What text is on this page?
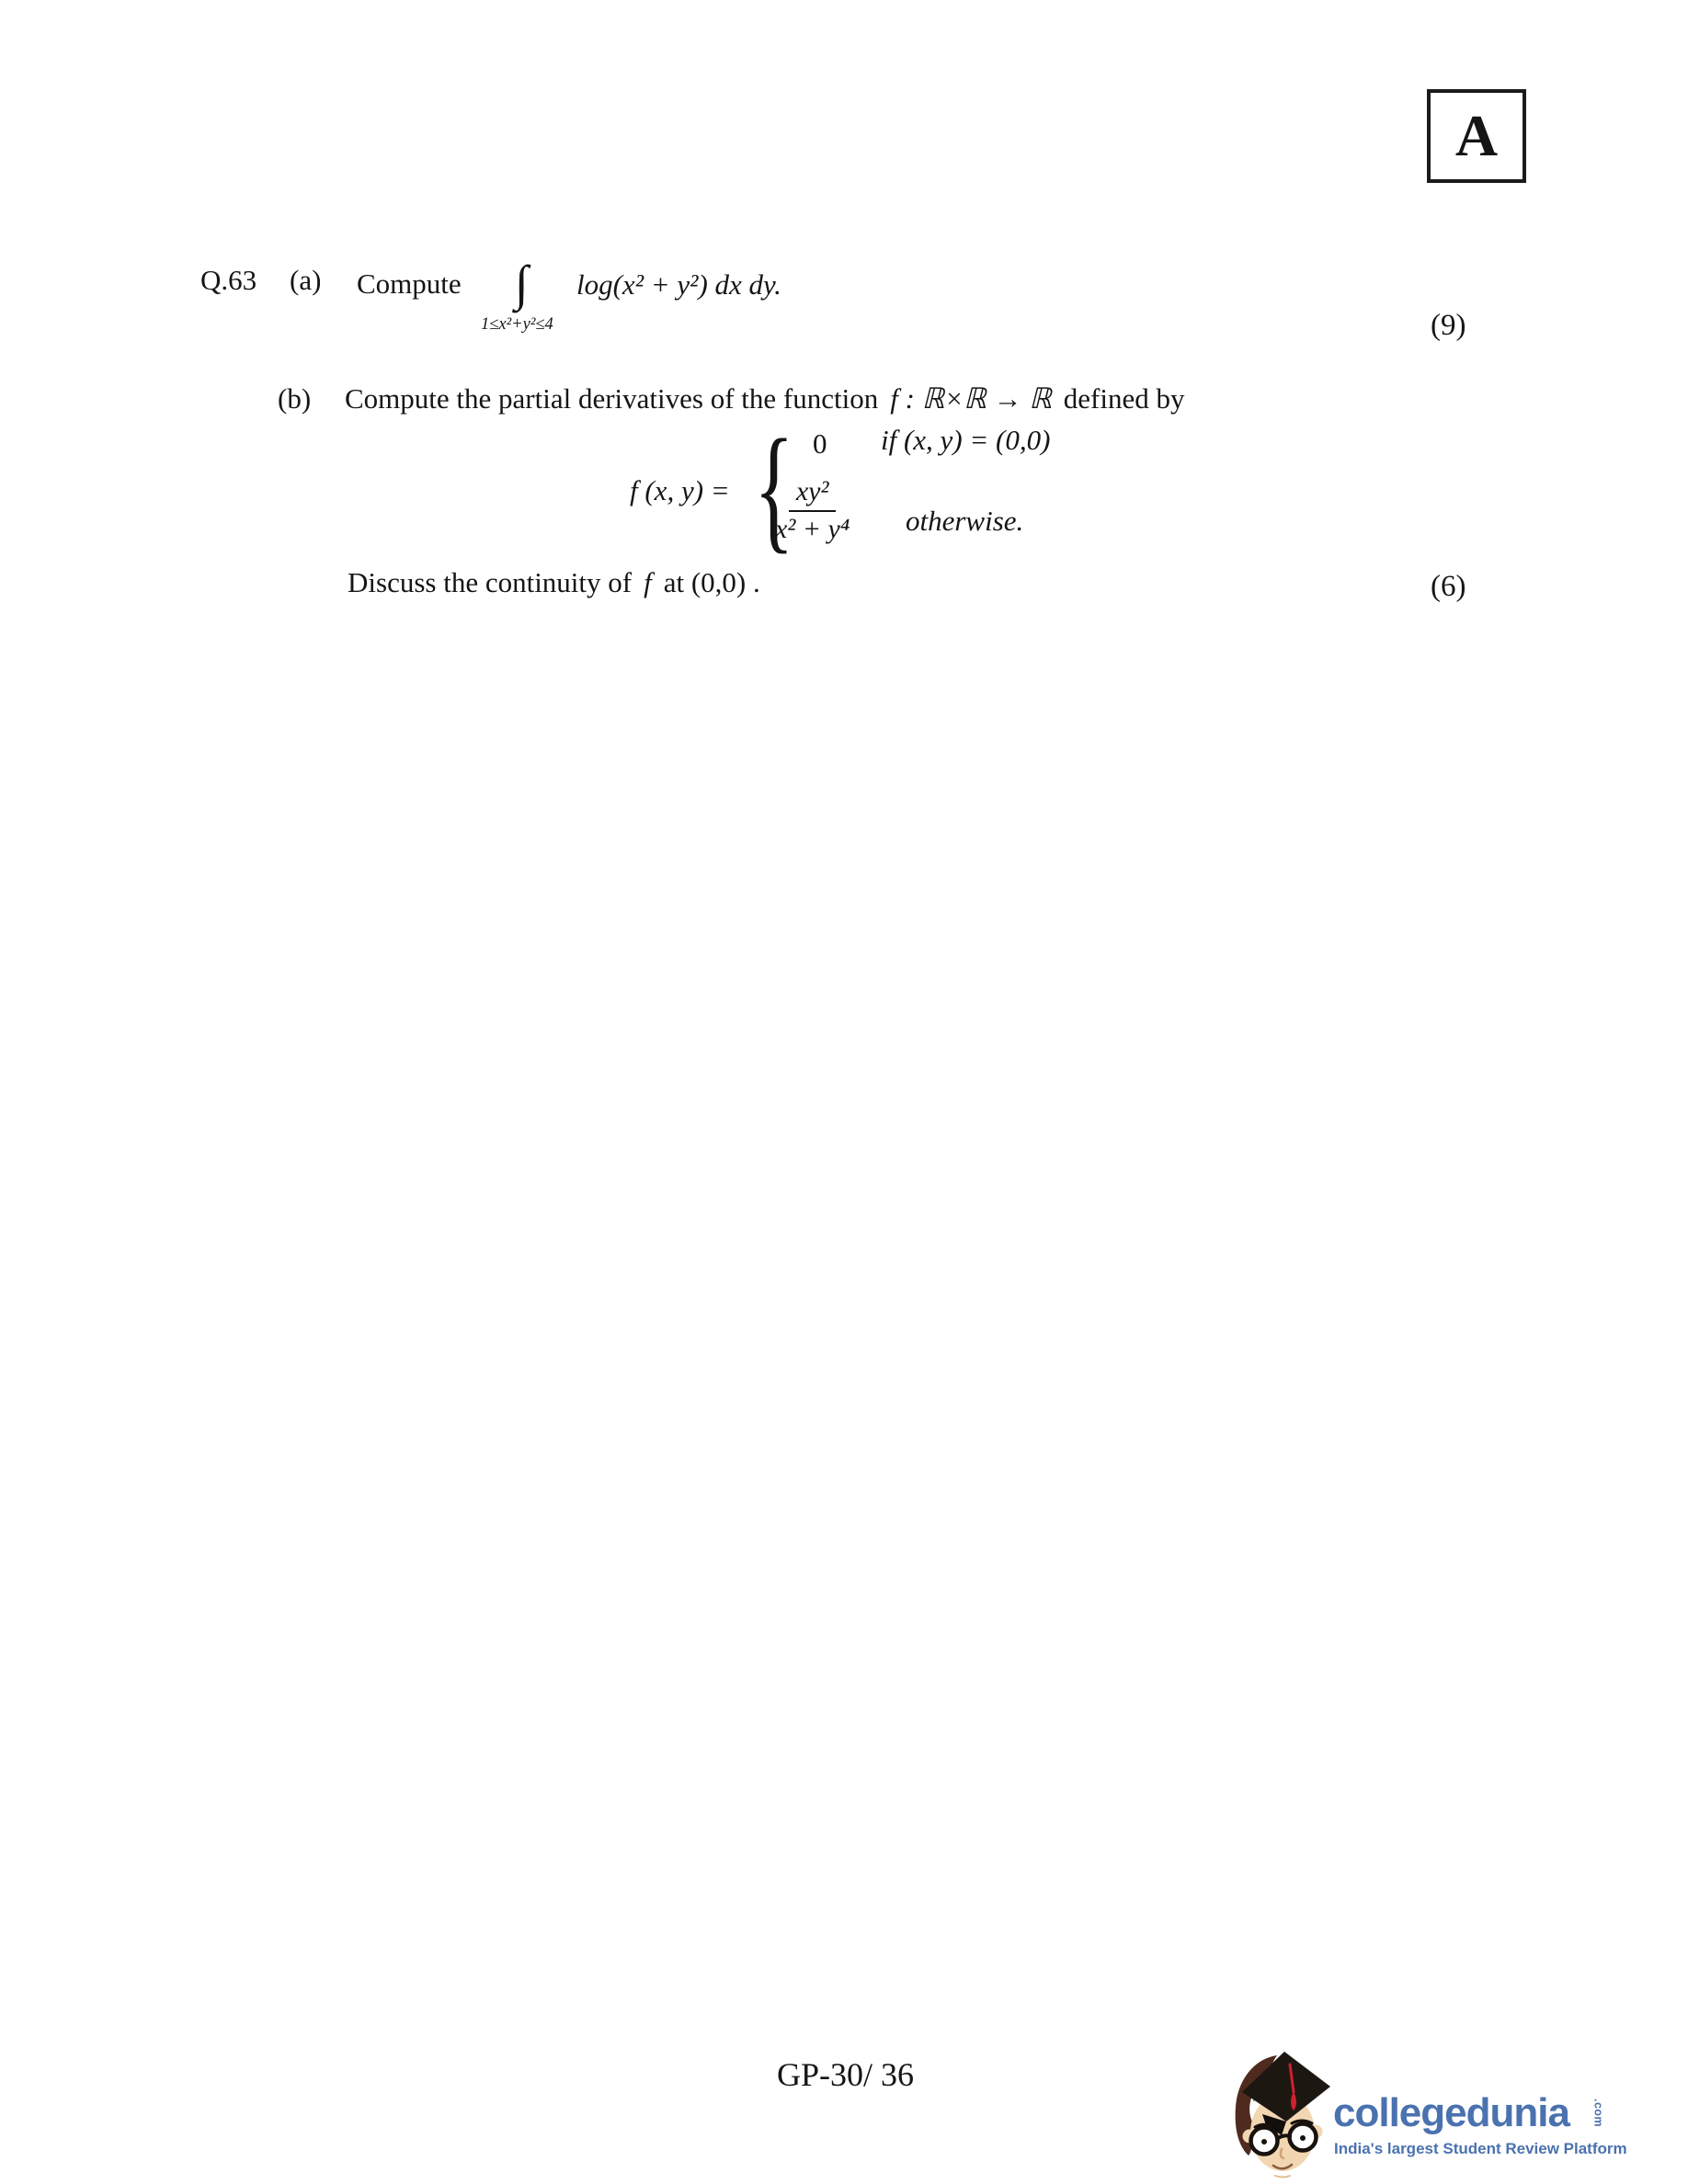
A
Q.63 (a) Compute ∫
1≤x²+y²≤4
log(x² + y²) dx dy.
(9)
(b) Compute the partial derivatives of the function f : ℝ×ℝ → ℝ defined by
f (x, y) = { 0 if (x, y) = (0,0)
$\frac{\text{xy²}}{\text{x² + y⁴}}$ otherwise.
Discuss the continuity of f at (0,0) .	(6)
GP-30/ 36
collegedunia .com
India's largest Student Review Platform
